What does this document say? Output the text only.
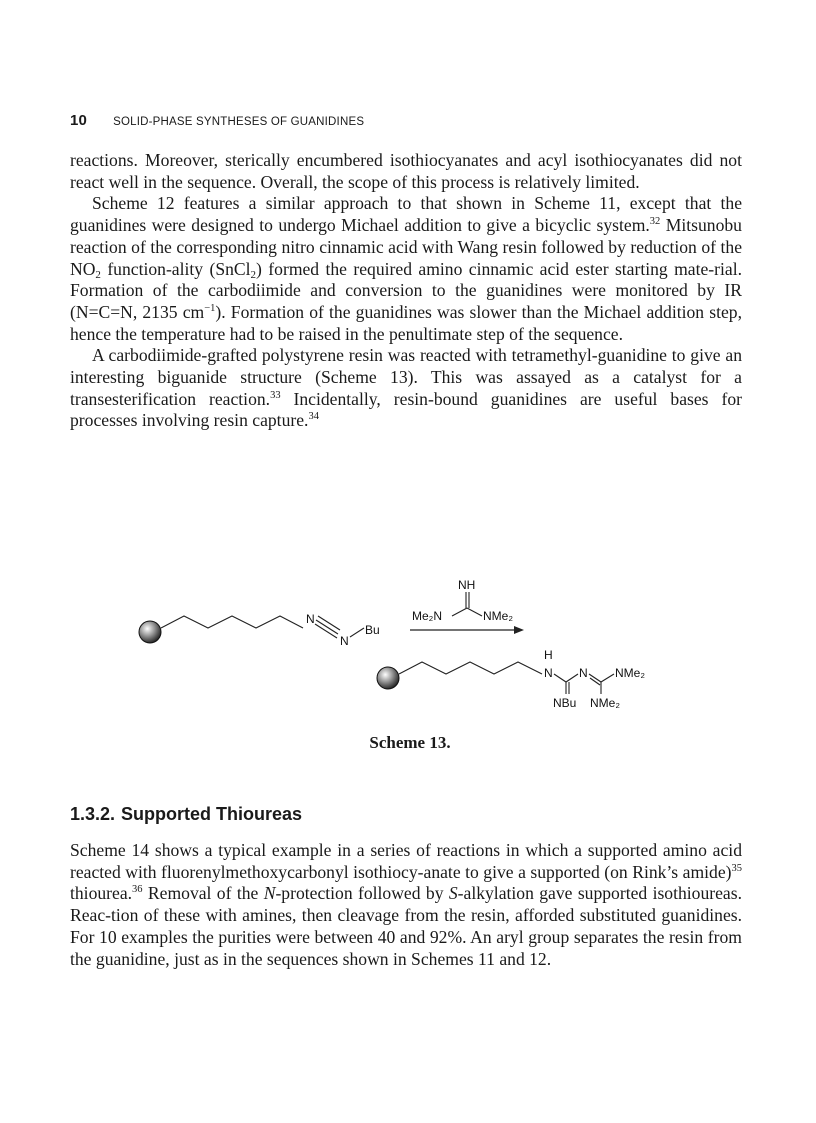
10 SOLID-PHASE SYNTHESES OF GUANIDINES

reactions. Moreover, sterically encumbered isothiocyanates and acyl isothiocyanates did not react well in the sequence. Overall, the scope of this process is relatively limited.

Scheme 12 features a similar approach to that shown in Scheme 11, except that the guanidines were designed to undergo Michael addition to give a bicyclic system.$^{32}$ Mitsunobu reaction of the corresponding nitro cinnamic acid with Wang resin followed by reduction of the $NO_2$ function-ality (SnCl$_2$) formed the required amino cinnamic acid ester starting mate-rial. Formation of the carbodiimide and conversion to the guanidines were monitored by IR (N=C=N, 2135 $cm^{-1}$). Formation of the guanidines was slower than the Michael addition step, hence the temperature had to be raised in the penultimate step of the sequence.

A carbodiimide-grafted polystyrene resin was reacted with tetramethyl-guanidine to give an interesting biguanide structure (Scheme 13). This was assayed as a catalyst for a transesterification reaction.$^{33}$ Incidentally, resin-bound guanidines are useful bases for processes involving resin capture.$^{34}$

N
N
Bu
NH
Me₂N	NMe₂
H
N N NMe₂
NBu NMe₂

Scheme 13.

1.3.2. Supported Thioureas

Scheme 14 shows a typical example in a series of reactions in which a supported amino acid reacted with fluorenylmethoxycarbonyl isothiocy-anate to give a supported (on Rink’s amide)$^{35}$ thiourea.$^{36}$ Removal of the N-protection followed by S-alkylation gave supported isothioureas. Reac-tion of these with amines, then cleavage from the resin, afforded substituted guanidines. For 10 examples the purities were between 40 and 92%. An aryl group separates the resin from the guanidine, just as in the sequences shown in Schemes 11 and 12.
